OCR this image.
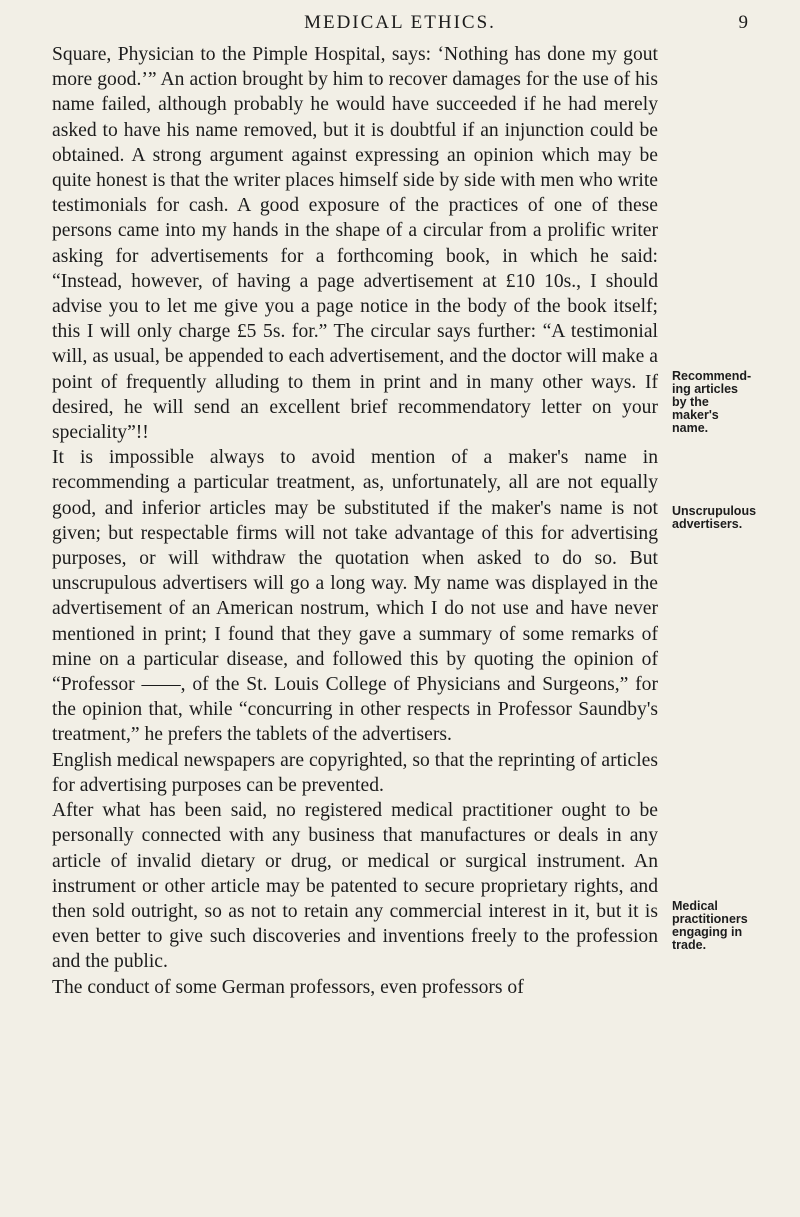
MEDICAL ETHICS.	9

Square, Physician to the Pimple Hospital, says: ‘Nothing has done my gout more good.’” An action brought by him to recover damages for the use of his name failed, although probably he would have succeeded if he had merely asked to have his name removed, but it is doubtful if an injunction could be obtained. A strong argument against expressing an opinion which may be quite honest is that the writer places himself side by side with men who write testimonials for cash. A good exposure of the practices of one of these persons came into my hands in the shape of a circular from a prolific writer asking for advertisements for a forthcoming book, in which he said: “Instead, however, of having a page advertisement at £10 10s., I should advise you to let me give you a page notice in the body of the book itself; this I will only charge £5 5s. for.” The circular says further: “A testimonial will, as usual, be appended to each advertisement, and the doctor will make a point of frequently alluding to them in print and in many other ways. If desired, he will send an excellent brief recommendatory letter on your speciality”!!

It is impossible always to avoid mention of a maker's name in recommending a particular treatment, as, unfortunately, all are not equally good, and inferior articles may be substituted if the maker's name is not given; but respectable firms will not take advantage of this for advertising purposes, or will withdraw the quotation when asked to do so. But unscrupulous advertisers will go a long way. My name was displayed in the advertisement of an American nostrum, which I do not use and have never mentioned in print; I found that they gave a summary of some remarks of mine on a particular disease, and followed this by quoting the opinion of “Professor ——, of the St. Louis College of Physicians and Surgeons,” for the opinion that, while “concurring in other respects in Professor Saundby's treatment,” he prefers the tablets of the advertisers.

English medical newspapers are copyrighted, so that the reprinting of articles for advertising purposes can be prevented.

After what has been said, no registered medical practitioner ought to be personally connected with any business that manufactures or deals in any article of invalid dietary or drug, or medical or surgical instrument. An instrument or other article may be patented to secure proprietary rights, and then sold outright, so as not to retain any commercial interest in it, but it is even better to give such discoveries and inventions freely to the profession and the public.

The conduct of some German professors, even professors of

Recommend-
ing articles
by the
maker's
name.
Unscrupulous
advertisers.
Medical
practitioners
engaging in
trade.
